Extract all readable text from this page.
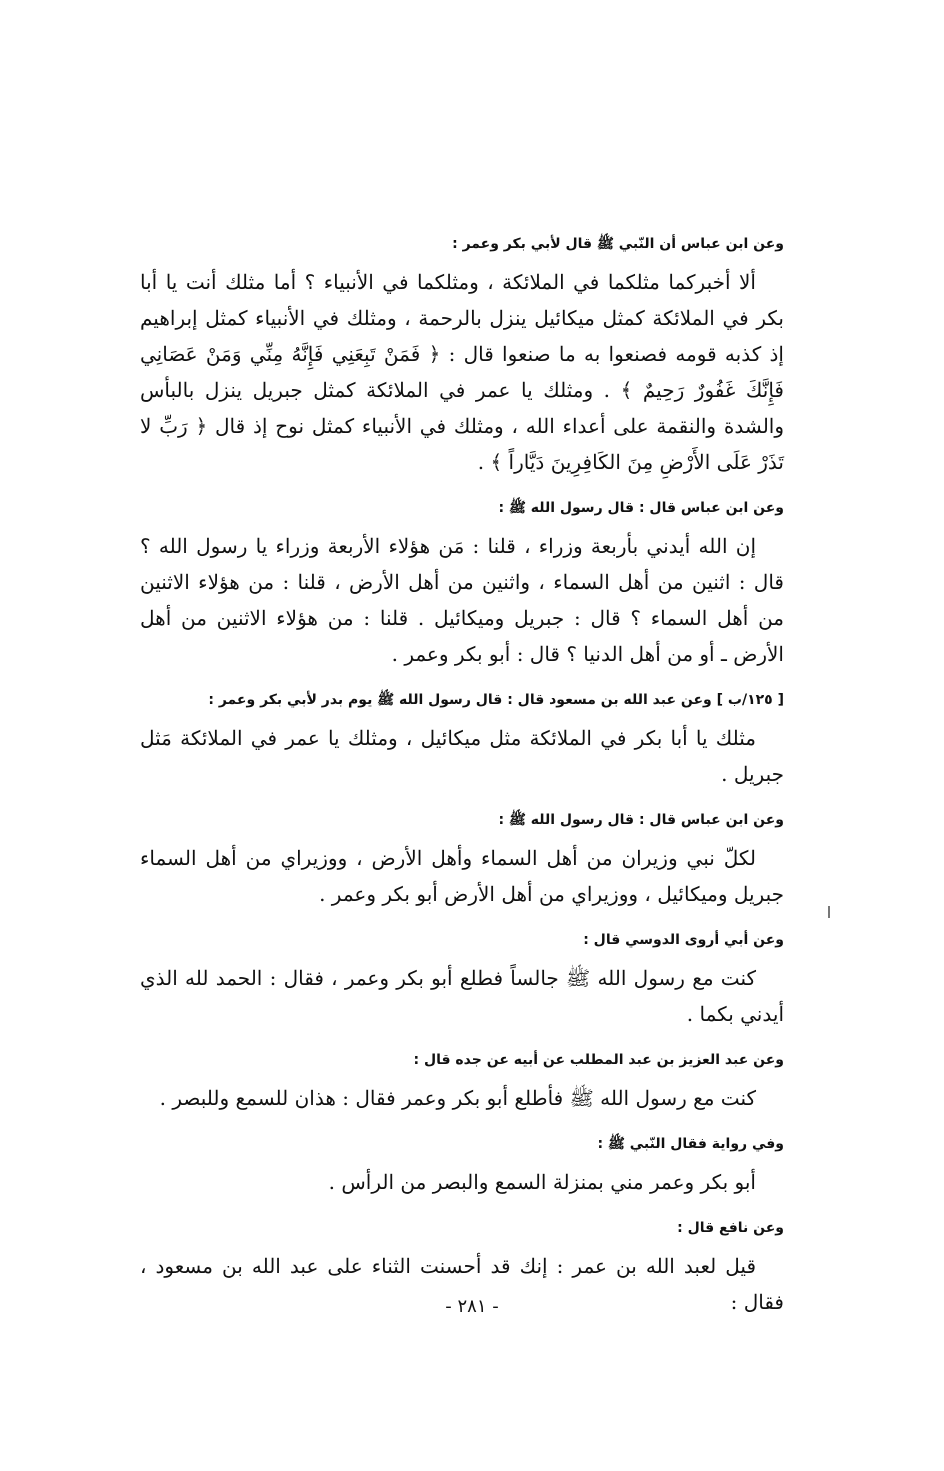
وعن ابن عباس أن النّبي ﷺ قال لأبي بكر وعمر :
ألا أخبركما مثلكما في الملائكة ، ومثلكما في الأنبياء ؟ أما مثلك أنت يا أبا بكر في الملائكة كمثل ميكائيل ينزل بالرحمة ، ومثلك في الأنبياء كمثل إبراهيم إذ كذبه قومه فصنعوا به ما صنعوا قال : ﴿ فَمَنْ تَبِعَنِي فَإِنَّهُ مِنِّي وَمَنْ عَصَانِي فَإِنَّكَ غَفُورٌ رَحِيمٌ ﴾ . ومثلك يا عمر في الملائكة كمثل جبريل ينزل بالبأس والشدة والنقمة على أعداء الله ، ومثلك في الأنبياء كمثل نوح إذ قال ﴿ رَبِّ لا تَذَرْ عَلَى الأَرْضِ مِنَ الكَافِرِينَ دَيَّاراً ﴾ .
وعن ابن عباس قال : قال رسول الله ﷺ :
إن الله أيدني بأربعة وزراء ، قلنا : مَن هؤلاء الأربعة وزراء يا رسول الله ؟ قال : اثنين من أهل السماء ، واثنين من أهل الأرض ، قلنا : من هؤلاء الاثنين من أهل السماء ؟ قال : جبريل وميكائيل . قلنا : من هؤلاء الاثنين من أهل الأرض ـ أو من أهل الدنيا ؟ قال : أبو بكر وعمر .
[ ١٢٥/ب ] وعن عبد الله بن مسعود قال : قال رسول الله ﷺ يوم بدر لأبي بكر وعمر :
مثلك يا أبا بكر في الملائكة مثل ميكائيل ، ومثلك يا عمر في الملائكة مَثل جبريل .
وعن ابن عباس قال : قال رسول الله ﷺ :
لكلّ نبي وزيران من أهل السماء وأهل الأرض ، ووزيراي من أهل السماء جبريل وميكائيل ، ووزيراي من أهل الأرض أبو بكر وعمر .
وعن أبي أروى الدوسي قال :
كنت مع رسول الله ﷺ جالساً فطلع أبو بكر وعمر ، فقال : الحمد لله الذي أيدني بكما .
وعن عبد العزيز بن عبد المطلب عن أبيه عن جده قال :
كنت مع رسول الله ﷺ فأطلع أبو بكر وعمر فقال : هذان للسمع وللبصر .
وفي رواية فقال النّبي ﷺ :
أبو بكر وعمر مني بمنزلة السمع والبصر من الرأس .
وعن نافع قال :
قيل لعبد الله بن عمر : إنك قد أحسنت الثناء على عبد الله بن مسعود ، فقال :
- ٢٨١ -
